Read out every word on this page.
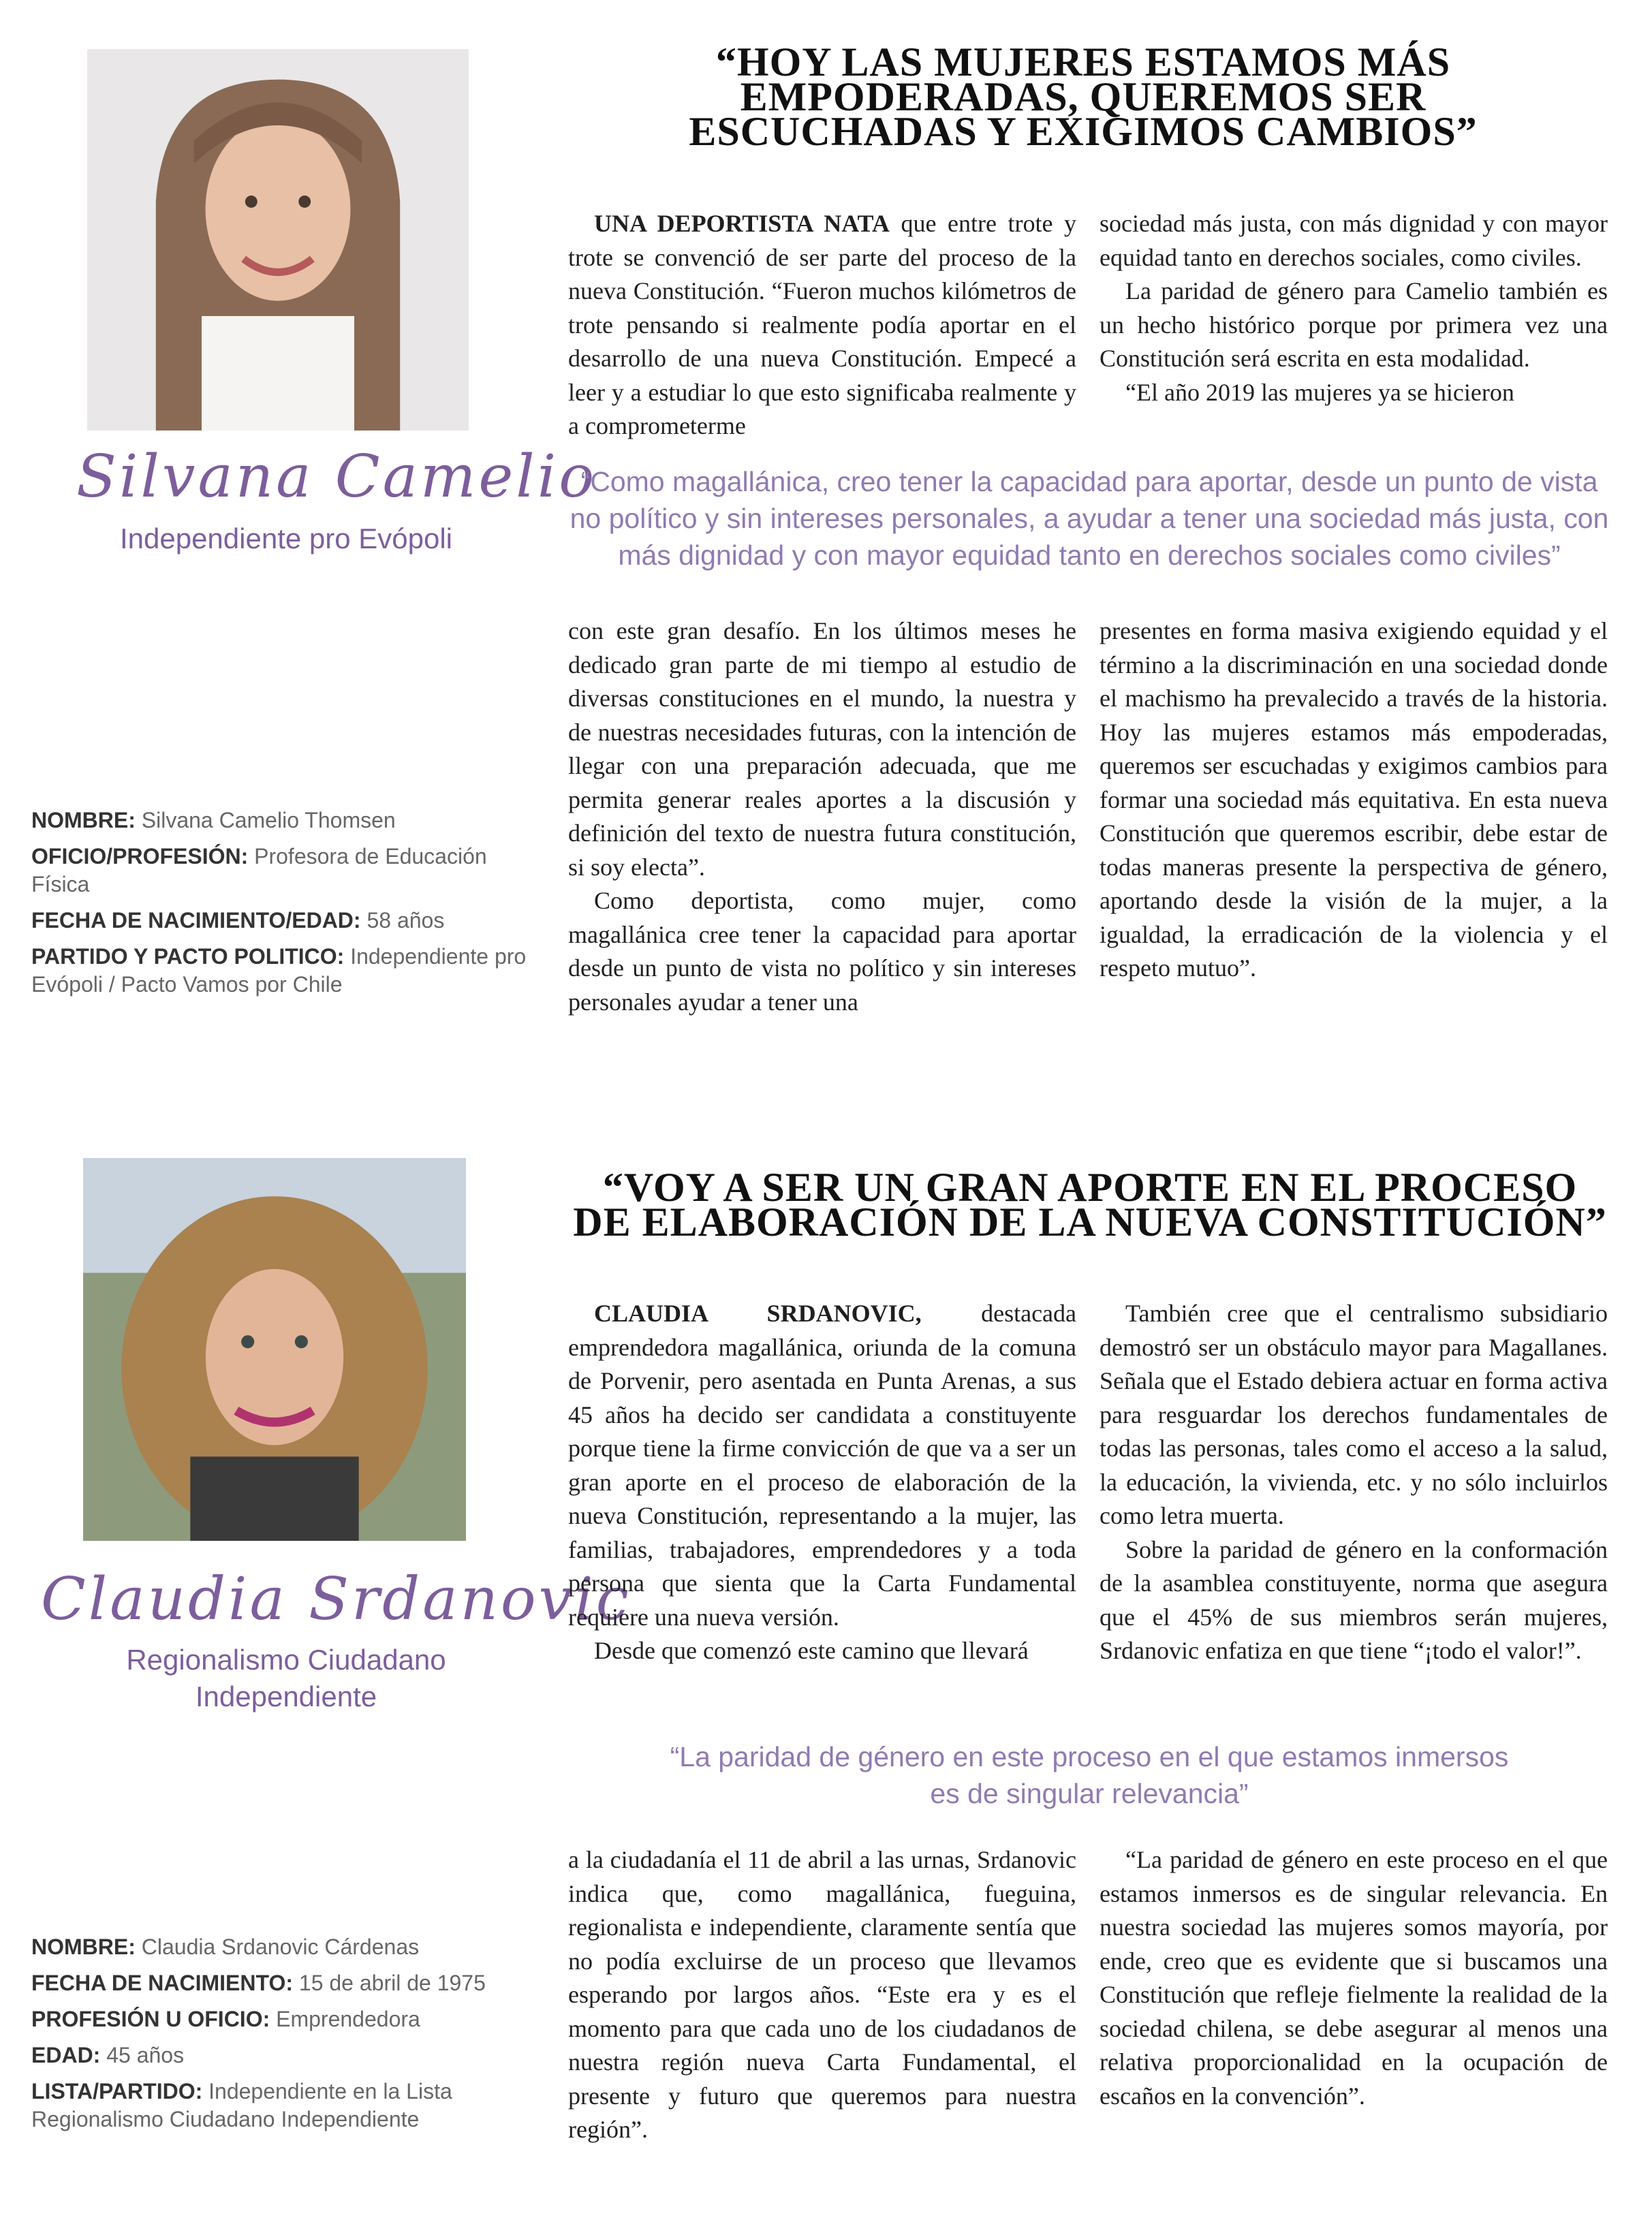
Silvana Camelio
Independiente pro Evópoli
“HOY LAS MUJERES ESTAMOS MÁS EMPODERADAS, QUEREMOS SER ESCUCHADAS Y EXIGIMOS CAMBIOS”

UNA DEPORTISTA NATA que entre trote y trote se convenció de ser parte del proceso de la nueva Constitución. “Fueron muchos kilómetros de trote pensando si realmente podía aportar en el desarrollo de una nueva Constitución. Empecé a leer y a estudiar lo que esto significaba realmente y a comprometerme

sociedad más justa, con más dignidad y con mayor equidad tanto en derechos sociales, como civiles.

La paridad de género para Camelio también es un hecho histórico porque por primera vez una Constitución será escrita en esta modalidad.

“El año 2019 las mujeres ya se hicieron

“Como magallánica, creo tener la capacidad para aportar, desde un punto de vista no político y sin intereses personales, a ayudar a tener una sociedad más justa, con más dignidad y con mayor equidad tanto en derechos sociales como civiles”

con este gran desafío. En los últimos meses he dedicado gran parte de mi tiempo al estudio de diversas constituciones en el mundo, la nuestra y de nuestras necesidades futuras, con la intención de llegar con una preparación adecuada, que me permita generar reales aportes a la discusión y definición del texto de nuestra futura constitución, si soy electa”.

Como deportista, como mujer, como magallánica cree tener la capacidad para aportar desde un punto de vista no político y sin intereses personales ayudar a tener una

presentes en forma masiva exigiendo equidad y el término a la discriminación en una sociedad donde el machismo ha prevalecido a través de la historia. Hoy las mujeres estamos más empoderadas, queremos ser escuchadas y exigimos cambios para formar una sociedad más equitativa. En esta nueva Constitución que queremos escribir, debe estar de todas maneras presente la perspectiva de género, aportando desde la visión de la mujer, a la igualdad, la erradicación de la violencia y el respeto mutuo”.

NOMBRE: Silvana Camelio Thomsen
OFICIO/PROFESIÓN: Profesora de Educación Física
FECHA DE NACIMIENTO/EDAD: 58 años
PARTIDO Y PACTO POLITICO: Independiente pro Evópoli / Pacto Vamos por Chile
Claudia Srdanovic
Regionalismo Ciudadano
Independiente
“VOY A SER UN GRAN APORTE EN EL PROCESO DE ELABORACIÓN DE LA NUEVA CONSTITUCIÓN”

CLAUDIA SRDANOVIC, destacada emprendedora magallánica, oriunda de la comuna de Porvenir, pero asentada en Punta Arenas, a sus 45 años ha decido ser candidata a constituyente porque tiene la firme convicción de que va a ser un gran aporte en el proceso de elaboración de la nueva Constitución, representando a la mujer, las familias, trabajadores, emprendedores y a toda persona que sienta que la Carta Fundamental requiere una nueva versión.

Desde que comenzó este camino que llevará

También cree que el centralismo subsidiario demostró ser un obstáculo mayor para Magallanes. Señala que el Estado debiera actuar en forma activa para resguardar los derechos fundamentales de todas las personas, tales como el acceso a la salud, la educación, la vivienda, etc. y no sólo incluirlos como letra muerta.

Sobre la paridad de género en la conformación de la asamblea constituyente, norma que asegura que el 45% de sus miembros serán mujeres, Srdanovic enfatiza en que tiene “¡todo el valor!”.

“La paridad de género en este proceso en el que estamos inmersos
es de singular relevancia”

a la ciudadanía el 11 de abril a las urnas, Srdanovic indica que, como magallánica, fueguina, regionalista e independiente, claramente sentía que no podía excluirse de un proceso que llevamos esperando por largos años. “Este era y es el momento para que cada uno de los ciudadanos de nuestra región nueva Carta Fundamental, el presente y futuro que queremos para nuestra región”.

“La paridad de género en este proceso en el que estamos inmersos es de singular relevancia. En nuestra sociedad las mujeres somos mayoría, por ende, creo que es evidente que si buscamos una Constitución que refleje fielmente la realidad de la sociedad chilena, se debe asegurar al menos una relativa proporcionalidad en la ocupación de escaños en la convención”.

NOMBRE: Claudia Srdanovic Cárdenas
FECHA DE NACIMIENTO: 15 de abril de 1975
PROFESIÓN U OFICIO: Emprendedora
EDAD: 45 años
LISTA/PARTIDO: Independiente en la Lista Regionalismo Ciudadano Independiente
